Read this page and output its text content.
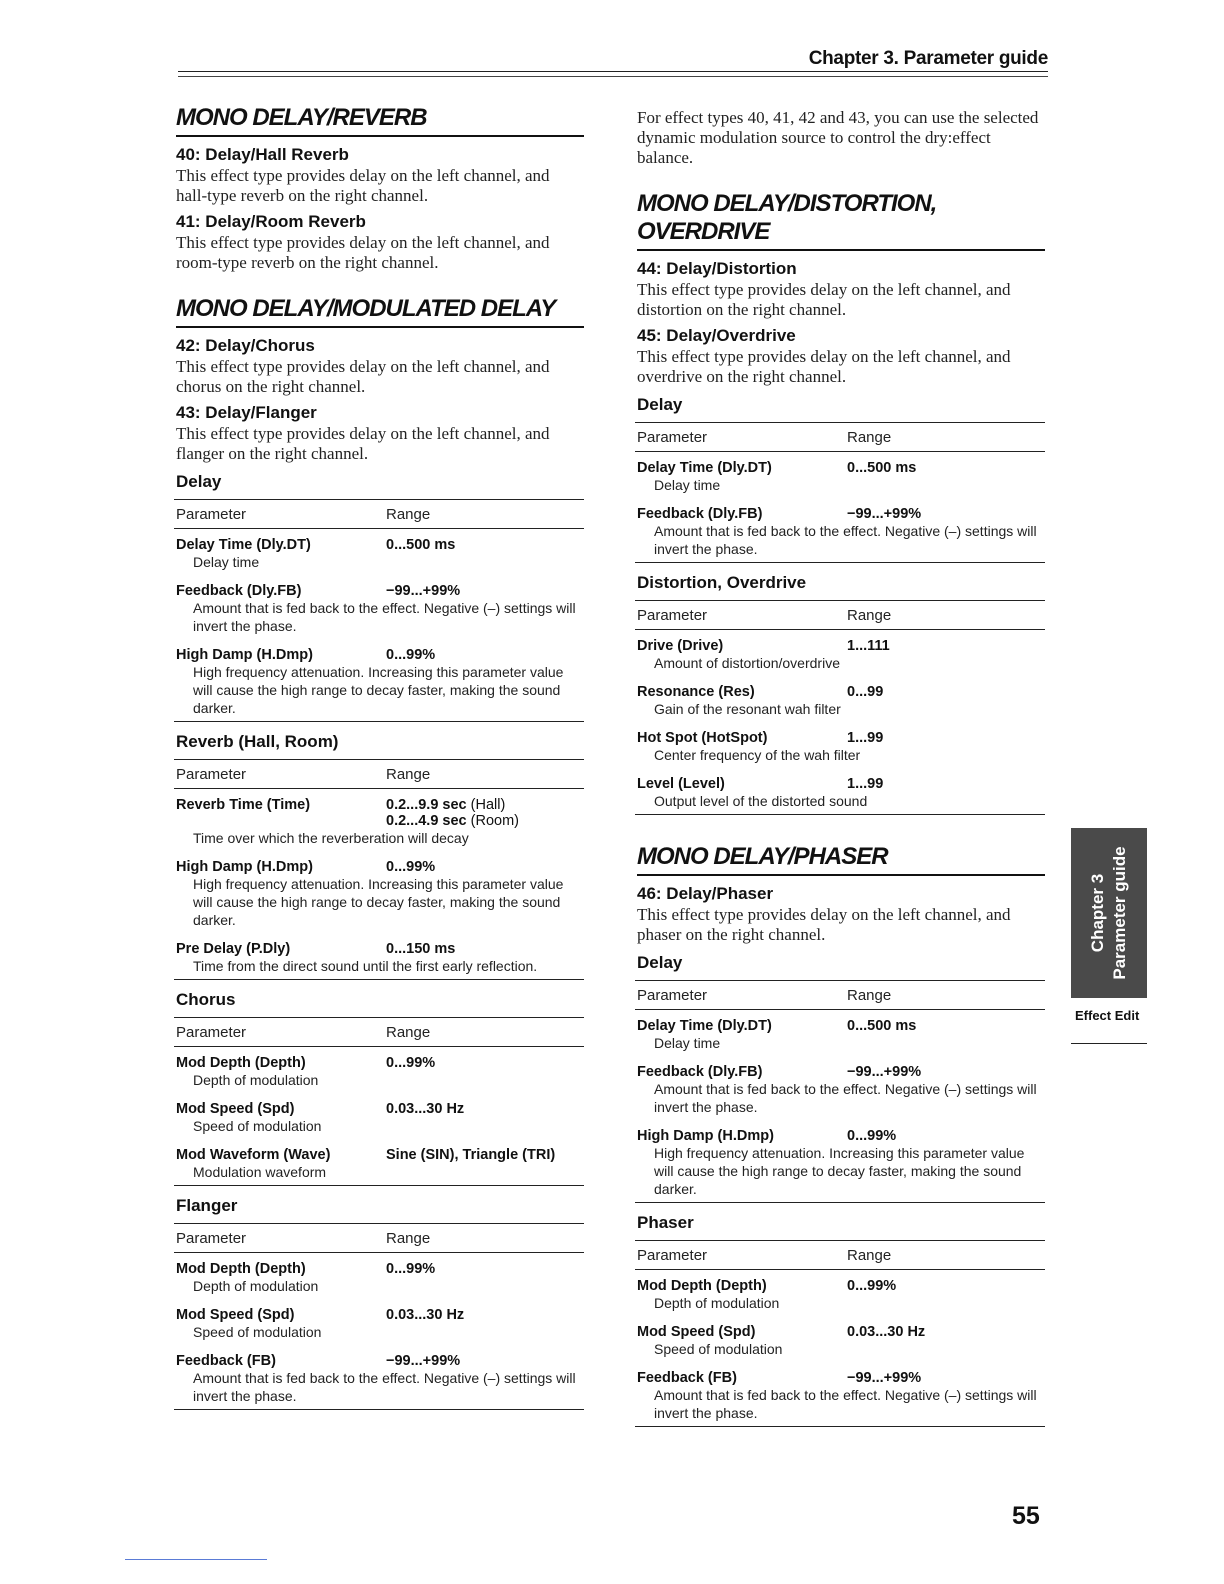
Chapter 3. Parameter guide
MONO DELAY/REVERB
40: Delay/Hall Reverb
This effect type provides delay on the left channel, and hall-type reverb on the right channel.
41: Delay/Room Reverb
This effect type provides delay on the left channel, and room-type reverb on the right channel.
MONO DELAY/MODULATED DELAY
42: Delay/Chorus
This effect type provides delay on the left channel, and chorus on the right channel.
43: Delay/Flanger
This effect type provides delay on the left channel, and flanger on the right channel.
Delay
Parameter	Range
Delay Time (Dly.DT)	0...500 ms
Delay time
Feedback (Dly.FB)	−99...+99%
Amount that is fed back to the effect. Negative (–) settings will invert the phase.
High Damp (H.Dmp)	0...99%
High frequency attenuation. Increasing this parameter value will cause the high range to decay faster, making the sound darker.
Reverb (Hall, Room)
Parameter	Range
Reverb Time (Time)	0.2...9.9 sec (Hall)
0.2...4.9 sec (Room)
Time over which the reverberation will decay
High Damp (H.Dmp)	0...99%
High frequency attenuation. Increasing this parameter value will cause the high range to decay faster, making the sound darker.
Pre Delay (P.Dly)	0...150 ms
Time from the direct sound until the first early reflection.
Chorus
Parameter	Range
Mod Depth (Depth)	0...99%
Depth of modulation
Mod Speed (Spd)	0.03...30 Hz
Speed of modulation
Mod Waveform (Wave)	Sine (SIN), Triangle (TRI)
Modulation waveform
Flanger
Parameter	Range
Mod Depth (Depth)	0...99%
Depth of modulation
Mod Speed (Spd)	0.03...30 Hz
Speed of modulation
Feedback (FB)	−99...+99%
Amount that is fed back to the effect. Negative (–) settings will invert the phase.
For effect types 40, 41, 42 and 43, you can use the selected dynamic modulation source to control the dry:effect balance.
MONO DELAY/DISTORTION, OVERDRIVE
44: Delay/Distortion
This effect type provides delay on the left channel, and distortion on the right channel.
45: Delay/Overdrive
This effect type provides delay on the left channel, and overdrive on the right channel.
Delay
Parameter	Range
Delay Time (Dly.DT)	0...500 ms
Delay time
Feedback (Dly.FB)	−99...+99%
Amount that is fed back to the effect. Negative (–) settings will invert the phase.
Distortion, Overdrive
Parameter	Range
Drive (Drive)	1...111
Amount of distortion/overdrive
Resonance (Res)	0...99
Gain of the resonant wah filter
Hot Spot (HotSpot)	1...99
Center frequency of the wah filter
Level (Level)	1...99
Output level of the distorted sound
MONO DELAY/PHASER
46: Delay/Phaser
This effect type provides delay on the left channel, and phaser on the right channel.
Delay
Parameter	Range
Delay Time (Dly.DT)	0...500 ms
Delay time
Feedback (Dly.FB)	−99...+99%
Amount that is fed back to the effect. Negative (–) settings will invert the phase.
High Damp (H.Dmp)	0...99%
High frequency attenuation. Increasing this parameter value will cause the high range to decay faster, making the sound darker.
Phaser
Parameter	Range
Mod Depth (Depth)	0...99%
Depth of modulation
Mod Speed (Spd)	0.03...30 Hz
Speed of modulation
Feedback (FB)	−99...+99%
Amount that is fed back to the effect. Negative (–) settings will invert the phase.
Chapter 3 Parameter guide
Effect Edit
55
